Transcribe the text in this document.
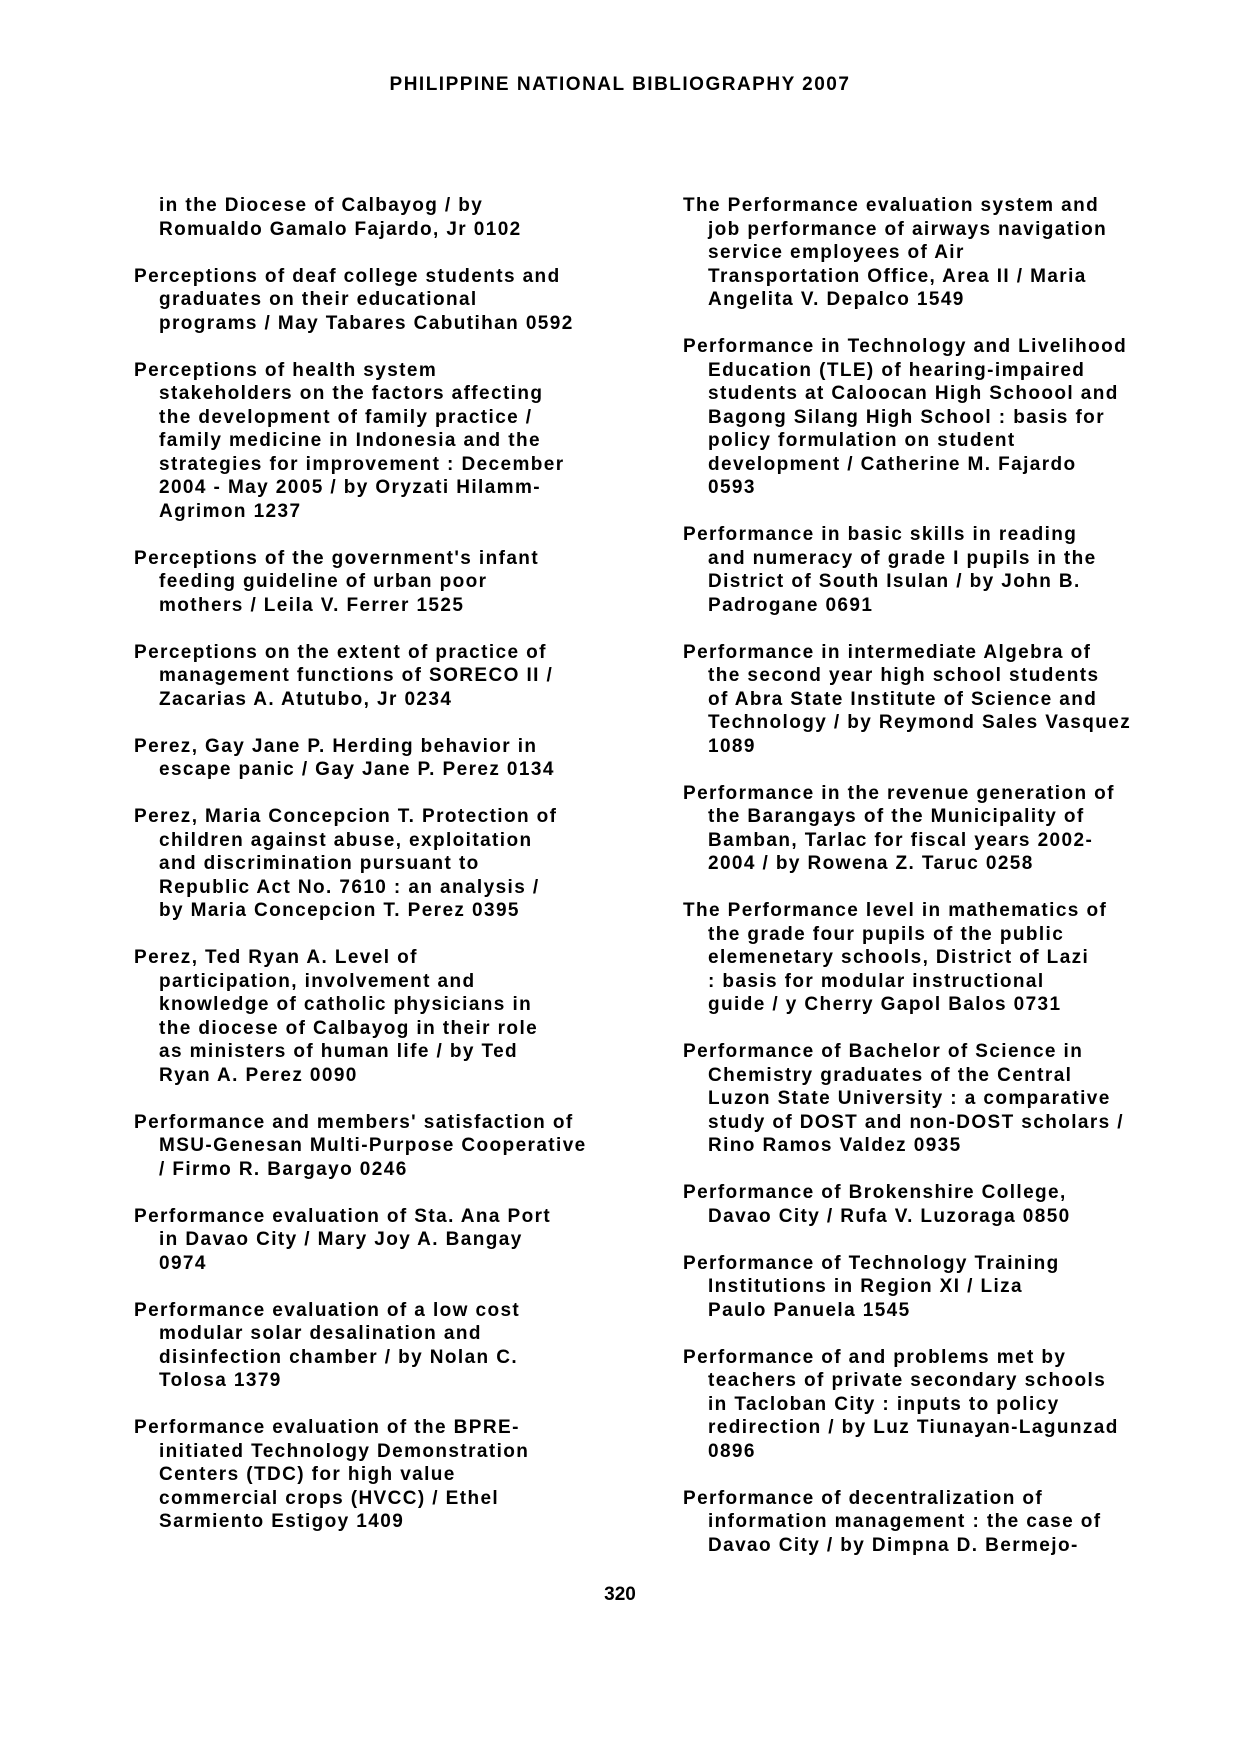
PHILIPPINE NATIONAL BIBLIOGRAPHY 2007

in the Diocese of Calbayog / by
Romualdo Gamalo Fajardo, Jr 0102

Perceptions of deaf college students and
graduates on their educational
programs / May Tabares Cabutihan 0592

Perceptions of health system
stakeholders on the factors affecting
the development of family practice /
family medicine in Indonesia and the
strategies for improvement : December
2004 - May 2005 / by Oryzati Hilamm-
Agrimon 1237

Perceptions of the government's infant
feeding guideline of urban poor
mothers / Leila V. Ferrer 1525

Perceptions on the extent of practice of
management functions of SORECO II /
Zacarias A. Atutubo, Jr 0234

Perez, Gay Jane P. Herding behavior in
escape panic / Gay Jane P. Perez 0134

Perez, Maria Concepcion T. Protection of
children against abuse, exploitation
and discrimination pursuant to
Republic Act No. 7610 : an analysis /
by Maria Concepcion T. Perez 0395

Perez, Ted Ryan A. Level of
participation, involvement and
knowledge of catholic physicians in
the diocese of Calbayog in their role
as ministers of human life / by Ted
Ryan A. Perez 0090

Performance and members' satisfaction of
MSU-Genesan Multi-Purpose Cooperative
/ Firmo R. Bargayo 0246

Performance evaluation of Sta. Ana Port
in Davao City / Mary Joy A. Bangay
0974

Performance evaluation of a low cost
modular solar desalination and
disinfection chamber / by Nolan C.
Tolosa 1379

Performance evaluation of the BPRE-
initiated Technology Demonstration
Centers (TDC) for high value
commercial crops (HVCC) / Ethel
Sarmiento Estigoy 1409

The Performance evaluation system and
job performance of airways navigation
service employees of Air
Transportation Office, Area II / Maria
Angelita V. Depalco 1549

Performance in Technology and Livelihood
Education (TLE) of hearing-impaired
students at Caloocan High Schoool and
Bagong Silang High School : basis for
policy formulation on student
development / Catherine M. Fajardo
0593

Performance in basic skills in reading
and numeracy of grade I pupils in the
District of South Isulan / by John B.
Padrogane 0691

Performance in intermediate Algebra of
the second year high school students
of Abra State Institute of Science and
Technology / by Reymond Sales Vasquez
1089

Performance in the revenue generation of
the Barangays of the Municipality of
Bamban, Tarlac for fiscal years 2002-
2004 / by Rowena Z. Taruc 0258

The Performance level in mathematics of
the grade four pupils of the public
elemenetary schools, District of Lazi
: basis for modular instructional
guide / y Cherry Gapol Balos 0731

Performance of Bachelor of Science in
Chemistry graduates of the Central
Luzon State University : a comparative
study of DOST and non-DOST scholars /
Rino Ramos Valdez 0935

Performance of Brokenshire College,
Davao City / Rufa V. Luzoraga 0850

Performance of Technology Training
Institutions in Region XI / Liza
Paulo Panuela 1545

Performance of and problems met by
teachers of private secondary schools
in Tacloban City : inputs to policy
redirection / by Luz Tiunayan-Lagunzad
0896

Performance of decentralization of
information management : the case of
Davao City / by Dimpna D. Bermejo-

320
